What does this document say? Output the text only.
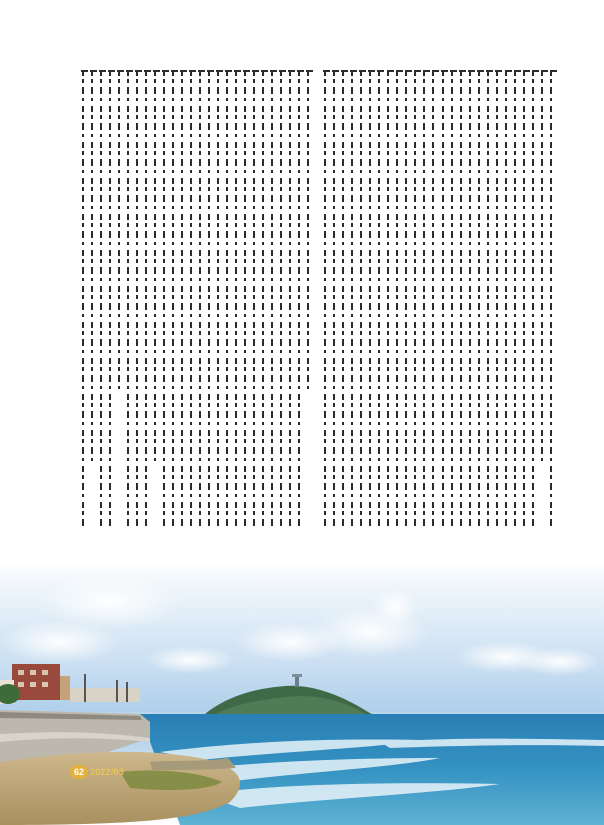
62 2022/03
